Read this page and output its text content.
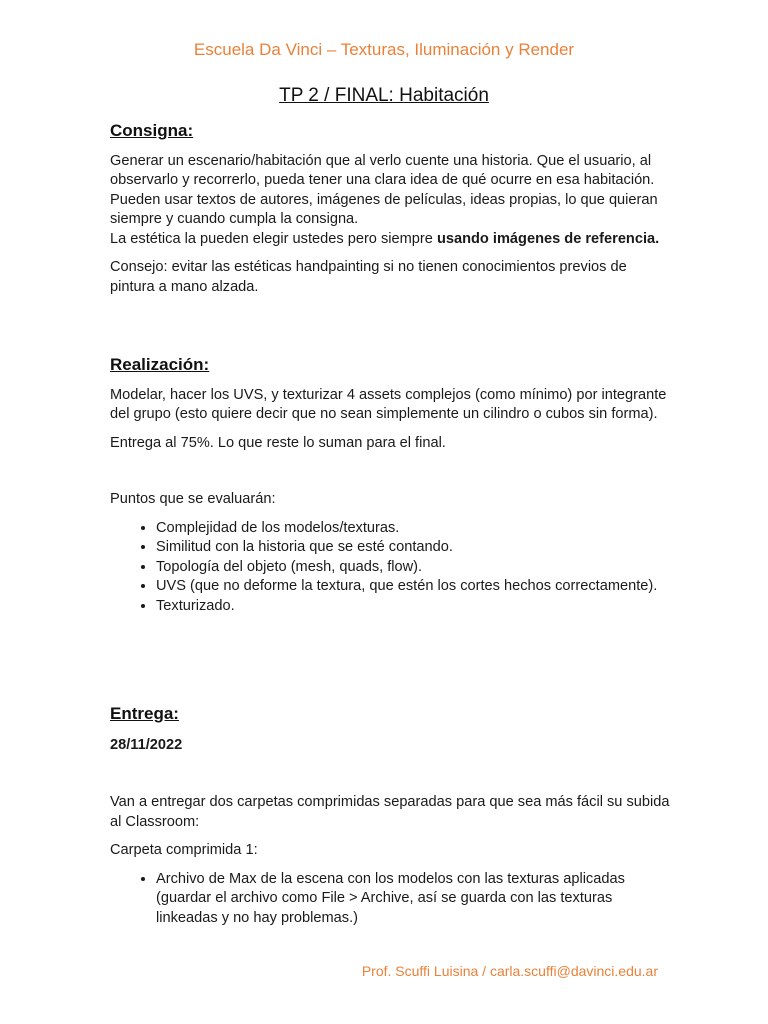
Escuela Da Vinci – Texturas, Iluminación y Render
TP 2 / FINAL: Habitación
Consigna:

Generar un escenario/habitación que al verlo cuente una historia. Que el usuario, al observarlo y recorrerlo, pueda tener una clara idea de qué ocurre en esa habitación. Pueden usar textos de autores, imágenes de películas, ideas propias, lo que quieran siempre y cuando cumpla la consigna.

La estética la pueden elegir ustedes pero siempre usando imágenes de referencia.

Consejo: evitar las estéticas handpainting si no tienen conocimientos previos de pintura a mano alzada.

Realización:

Modelar, hacer los UVS, y texturizar 4 assets complejos (como mínimo) por integrante del grupo (esto quiere decir que no sean simplemente un cilindro o cubos sin forma).

Entrega al 75%. Lo que reste lo suman para el final.

Puntos que se evaluarán:

• Complejidad de los modelos/texturas.
• Similitud con la historia que se esté contando.
• Topología del objeto (mesh, quads, flow).
• UVS (que no deforme la textura, que estén los cortes hechos correctamente).
• Texturizado.
Entrega:

28/11/2022

Van a entregar dos carpetas comprimidas separadas para que sea más fácil su subida al Classroom:

Carpeta comprimida 1:

• Archivo de Max de la escena con los modelos con las texturas aplicadas (guardar el archivo como File > Archive, así se guarda con las texturas linkeadas y no hay problemas.)
Prof. Scuffi Luisina / carla.scuffi@davinci.edu.ar
